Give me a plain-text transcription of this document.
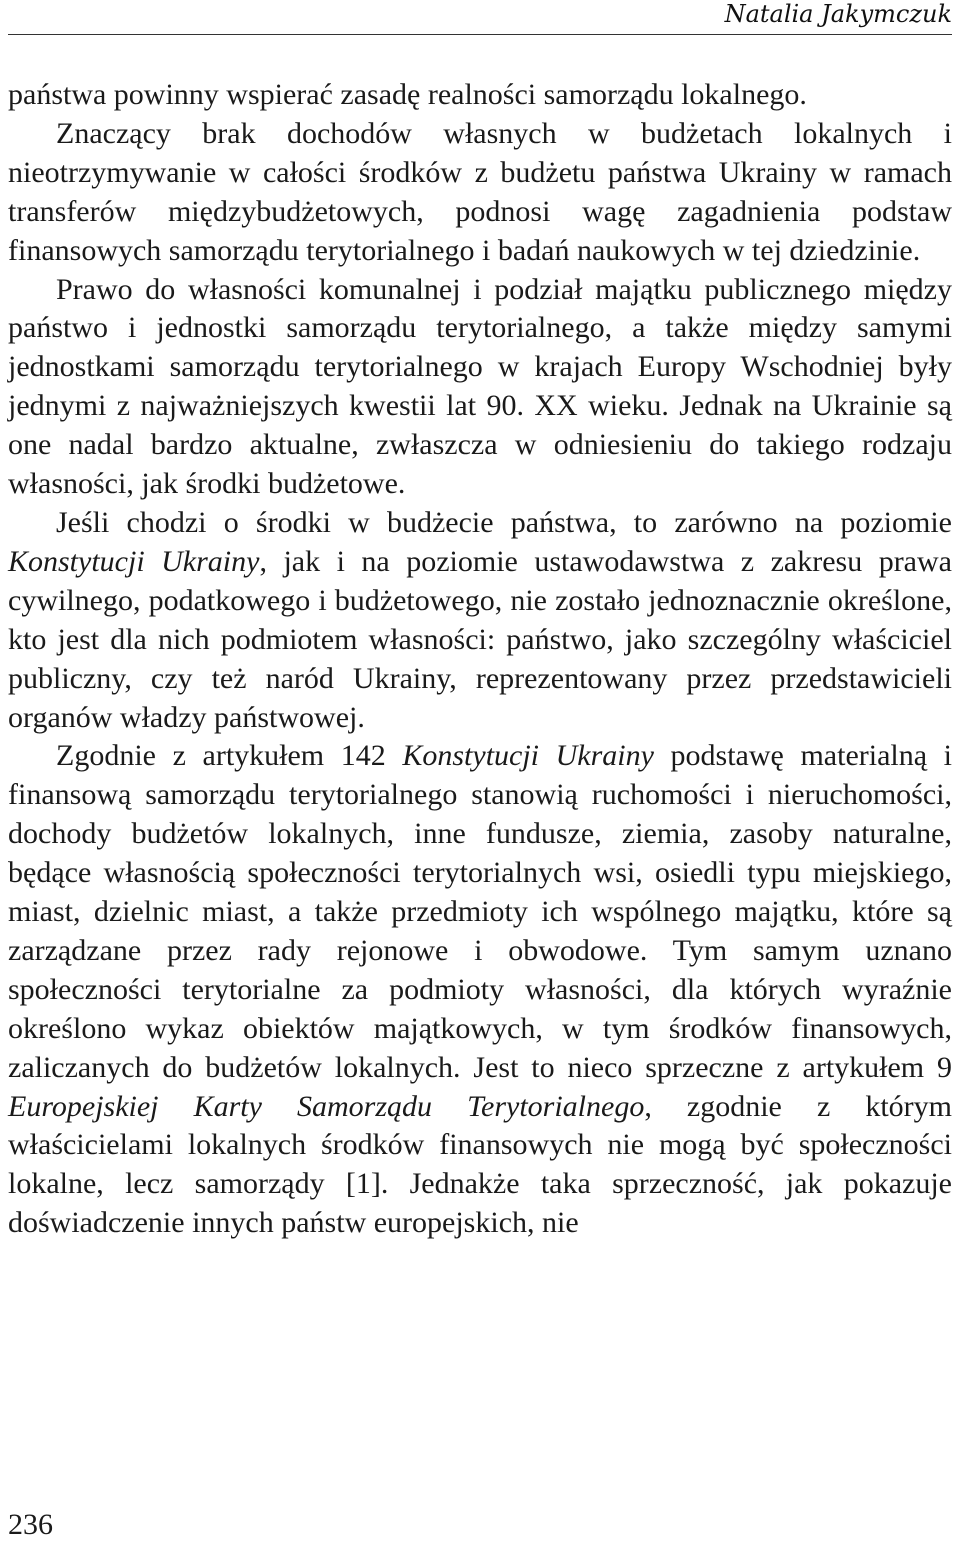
Natalia Jakymczuk

państwa powinny wspierać zasadę realności samorządu lokalnego.

Znaczący brak dochodów własnych w budżetach lokalnych i nieotrzymywanie w całości środków z budżetu państwa Ukrainy w ramach transferów międzybudżetowych, podnosi wagę zagadnienia podstaw finansowych samorządu terytorialnego i badań naukowych w tej dziedzinie.

Prawo do własności komunalnej i podział majątku publicznego między państwo i jednostki samorządu terytorialnego, a także między samymi jednostkami samorządu terytorialnego w krajach Europy Wschodniej były jednymi z najważniejszych kwestii lat 90. XX wieku. Jednak na Ukrainie są one nadal bardzo aktualne, zwłaszcza w odniesieniu do takiego rodzaju własności, jak środki budżetowe.

Jeśli chodzi o środki w budżecie państwa, to zarówno na poziomie Konstytucji Ukrainy, jak i na poziomie ustawodawstwa z zakresu prawa cywilnego, podatkowego i budżetowego, nie zostało jednoznacznie określone, kto jest dla nich podmiotem własności: państwo, jako szczególny właściciel publiczny, czy też naród Ukrainy, reprezentowany przez przedstawicieli organów władzy państwowej.

Zgodnie z artykułem 142 Konstytucji Ukrainy podstawę materialną i finansową samorządu terytorialnego stanowią ruchomości i nieruchomości, dochody budżetów lokalnych, inne fundusze, ziemia, zasoby naturalne, będące własnością społeczności terytorialnych wsi, osiedli typu miejskiego, miast, dzielnic miast, a także przedmioty ich wspólnego majątku, które są zarządzane przez rady rejonowe i obwodowe. Tym samym uznano społeczności terytorialne za podmioty własności, dla których wyraźnie określono wykaz obiektów majątkowych, w tym środków finansowych, zaliczanych do budżetów lokalnych. Jest to nieco sprzeczne z artykułem 9 Europejskiej Karty Samorządu Terytorialnego, zgodnie z którym właścicielami lokalnych środków finansowych nie mogą być społeczności lokalne, lecz samorządy [1]. Jednakże taka sprzeczność, jak pokazuje doświadczenie innych państw europejskich, nie

236
